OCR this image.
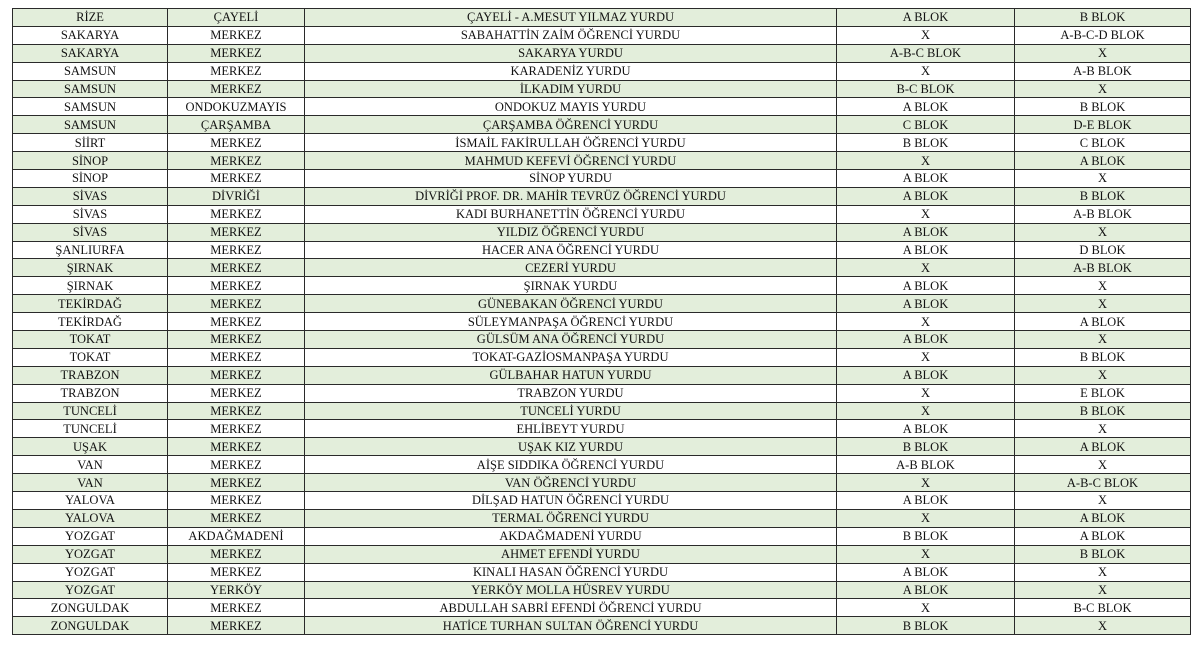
RİZE	ÇAYELİ	ÇAYELİ - A.MESUT YILMAZ YURDU	A BLOK	B BLOK
SAKARYA	MERKEZ	SABAHATTİN ZAİM ÖĞRENCİ YURDU	X	A-B-C-D BLOK
SAKARYA	MERKEZ	SAKARYA YURDU	A-B-C BLOK	X
SAMSUN	MERKEZ	KARADENİZ YURDU	X	A-B BLOK
SAMSUN	MERKEZ	İLKADIM YURDU	B-C BLOK	X
SAMSUN	ONDOKUZMAYIS	ONDOKUZ MAYIS YURDU	A BLOK	B BLOK
SAMSUN	ÇARŞAMBA	ÇARŞAMBA ÖĞRENCİ YURDU	C BLOK	D-E BLOK
SİİRT	MERKEZ	İSMAİL FAKİRULLAH ÖĞRENCİ YURDU	B BLOK	C BLOK
SİNOP	MERKEZ	MAHMUD KEFEVİ ÖĞRENCİ YURDU	X	A BLOK
SİNOP	MERKEZ	SİNOP YURDU	A BLOK	X
SİVAS	DİVRİĞİ	DİVRİĞİ PROF. DR. MAHİR TEVRÜZ ÖĞRENCİ YURDU	A BLOK	B BLOK
SİVAS	MERKEZ	KADI BURHANETTİN ÖĞRENCİ YURDU	X	A-B BLOK
SİVAS	MERKEZ	YILDIZ ÖĞRENCİ YURDU	A BLOK	X
ŞANLIURFA	MERKEZ	HACER ANA ÖĞRENCİ YURDU	A BLOK	D BLOK
ŞIRNAK	MERKEZ	CEZERİ YURDU	X	A-B BLOK
ŞIRNAK	MERKEZ	ŞIRNAK YURDU	A BLOK	X
TEKİRDAĞ	MERKEZ	GÜNEBAKAN ÖĞRENCİ YURDU	A BLOK	X
TEKİRDAĞ	MERKEZ	SÜLEYMANPAŞA ÖĞRENCİ YURDU	X	A BLOK
TOKAT	MERKEZ	GÜLSÜM ANA ÖĞRENCİ YURDU	A BLOK	X
TOKAT	MERKEZ	TOKAT-GAZİOSMANPAŞA YURDU	X	B BLOK
TRABZON	MERKEZ	GÜLBAHAR HATUN YURDU	A BLOK	X
TRABZON	MERKEZ	TRABZON YURDU	X	E BLOK
TUNCELİ	MERKEZ	TUNCELİ YURDU	X	B BLOK
TUNCELİ	MERKEZ	EHLİBEYT YURDU	A BLOK	X
UŞAK	MERKEZ	UŞAK KIZ YURDU	B BLOK	A BLOK
VAN	MERKEZ	AİŞE SIDDIKA ÖĞRENCİ YURDU	A-B BLOK	X
VAN	MERKEZ	VAN ÖĞRENCİ YURDU	X	A-B-C BLOK
YALOVA	MERKEZ	DİLŞAD HATUN ÖĞRENCİ YURDU	A BLOK	X
YALOVA	MERKEZ	TERMAL ÖĞRENCİ YURDU	X	A BLOK
YOZGAT	AKDAĞMADENİ	AKDAĞMADENİ YURDU	B BLOK	A BLOK
YOZGAT	MERKEZ	AHMET EFENDİ YURDU	X	B BLOK
YOZGAT	MERKEZ	KINALI HASAN ÖĞRENCİ YURDU	A BLOK	X
YOZGAT	YERKÖY	YERKÖY MOLLA HÜSREV YURDU	A BLOK	X
ZONGULDAK	MERKEZ	ABDULLAH SABRİ EFENDİ ÖĞRENCİ YURDU	X	B-C BLOK
ZONGULDAK	MERKEZ	HATİCE TURHAN SULTAN ÖĞRENCİ YURDU	B BLOK	X
